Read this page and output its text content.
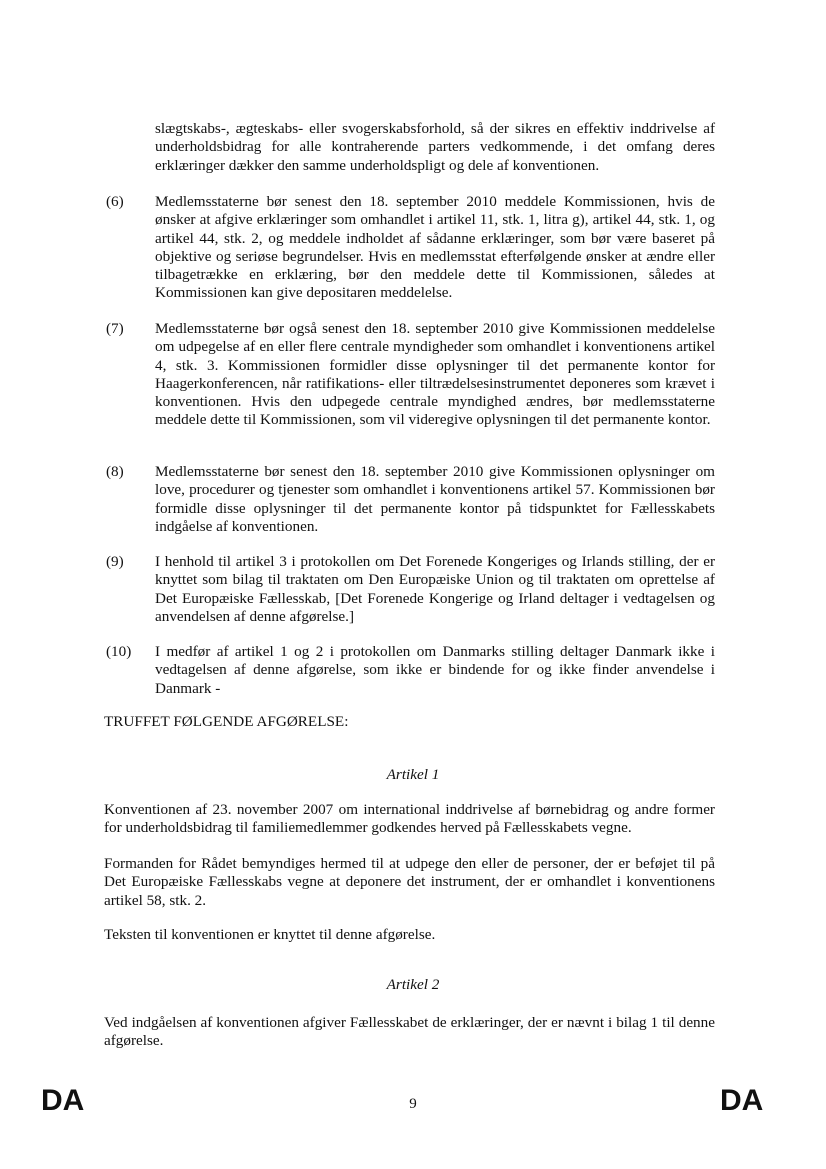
slægtskabs-, ægteskabs- eller svogerskabsforhold, så der sikres en effektiv inddrivelse af underholdsbidrag for alle kontraherende parters vedkommende, i det omfang deres erklæringer dækker den samme underholdspligt og dele af konventionen.

(6) Medlemsstaterne bør senest den 18. september 2010 meddele Kommissionen, hvis de ønsker at afgive erklæringer som omhandlet i artikel 11, stk. 1, litra g), artikel 44, stk. 1, og artikel 44, stk. 2, og meddele indholdet af sådanne erklæringer, som bør være baseret på objektive og seriøse begrundelser. Hvis en medlemsstat efterfølgende ønsker at ændre eller tilbagetrække en erklæring, bør den meddele dette til Kommissionen, således at Kommissionen kan give depositaren meddelelse.

(7) Medlemsstaterne bør også senest den 18. september 2010 give Kommissionen meddelelse om udpegelse af en eller flere centrale myndigheder som omhandlet i konventionens artikel 4, stk. 3. Kommissionen formidler disse oplysninger til det permanente kontor for Haagerkonferencen, når ratifikations- eller tiltrædelsesinstrumentet deponeres som krævet i konventionen. Hvis den udpegede centrale myndighed ændres, bør medlemsstaterne meddele dette til Kommissionen, som vil videregive oplysningen til det permanente kontor.

(8) Medlemsstaterne bør senest den 18. september 2010 give Kommissionen oplysninger om love, procedurer og tjenester som omhandlet i konventionens artikel 57. Kommissionen bør formidle disse oplysninger til det permanente kontor på tidspunktet for Fællesskabets indgåelse af konventionen.

(9) I henhold til artikel 3 i protokollen om Det Forenede Kongeriges og Irlands stilling, der er knyttet som bilag til traktaten om Den Europæiske Union og til traktaten om oprettelse af Det Europæiske Fællesskab, [Det Forenede Kongerige og Irland deltager i vedtagelsen og anvendelsen af denne afgørelse.]

(10) I medfør af artikel 1 og 2 i protokollen om Danmarks stilling deltager Danmark ikke i vedtagelsen af denne afgørelse, som ikke er bindende for og ikke finder anvendelse i Danmark -

TRUFFET FØLGENDE AFGØRELSE:

Artikel 1

Konventionen af 23. november 2007 om international inddrivelse af børnebidrag og andre former for underholdsbidrag til familiemedlemmer godkendes herved på Fællesskabets vegne.

Formanden for Rådet bemyndiges hermed til at udpege den eller de personer, der er beføjet til på Det Europæiske Fællesskabs vegne at deponere det instrument, der er omhandlet i konventionens artikel 58, stk. 2.

Teksten til konventionen er knyttet til denne afgørelse.

Artikel 2

Ved indgåelsen af konventionen afgiver Fællesskabet de erklæringer, der er nævnt i bilag 1 til denne afgørelse.

DA	9	DA
